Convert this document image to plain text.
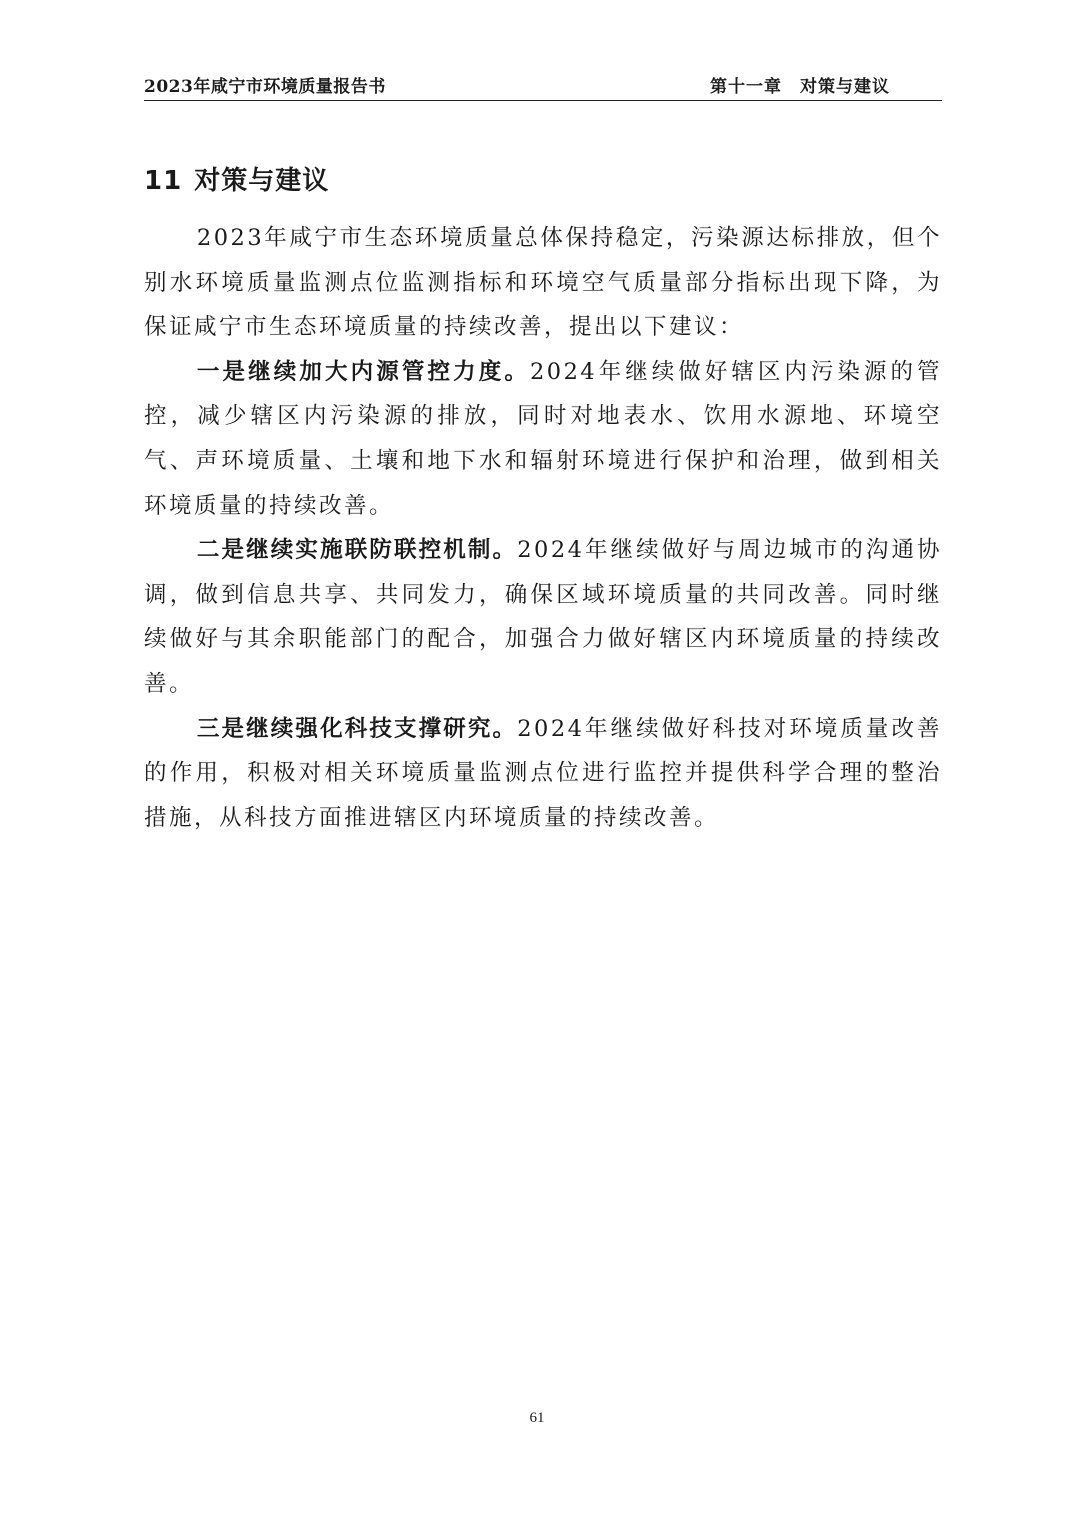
2023年咸宁市环境质量报告书	第十一章　对策与建议
11 对策与建议

2023年咸宁市生态环境质量总体保持稳定，污染源达标排放，但个别水环境质量监测点位监测指标和环境空气质量部分指标出现下降，为保证咸宁市生态环境质量的持续改善，提出以下建议：

一是继续加大内源管控力度。2024年继续做好辖区内污染源的管控，减少辖区内污染源的排放，同时对地表水、饮用水源地、环境空气、声环境质量、土壤和地下水和辐射环境进行保护和治理，做到相关环境质量的持续改善。

二是继续实施联防联控机制。2024年继续做好与周边城市的沟通协调，做到信息共享、共同发力，确保区域环境质量的共同改善。同时继续做好与其余职能部门的配合，加强合力做好辖区内环境质量的持续改善。

三是继续强化科技支撑研究。2024年继续做好科技对环境质量改善的作用，积极对相关环境质量监测点位进行监控并提供科学合理的整治措施，从科技方面推进辖区内环境质量的持续改善。

61
